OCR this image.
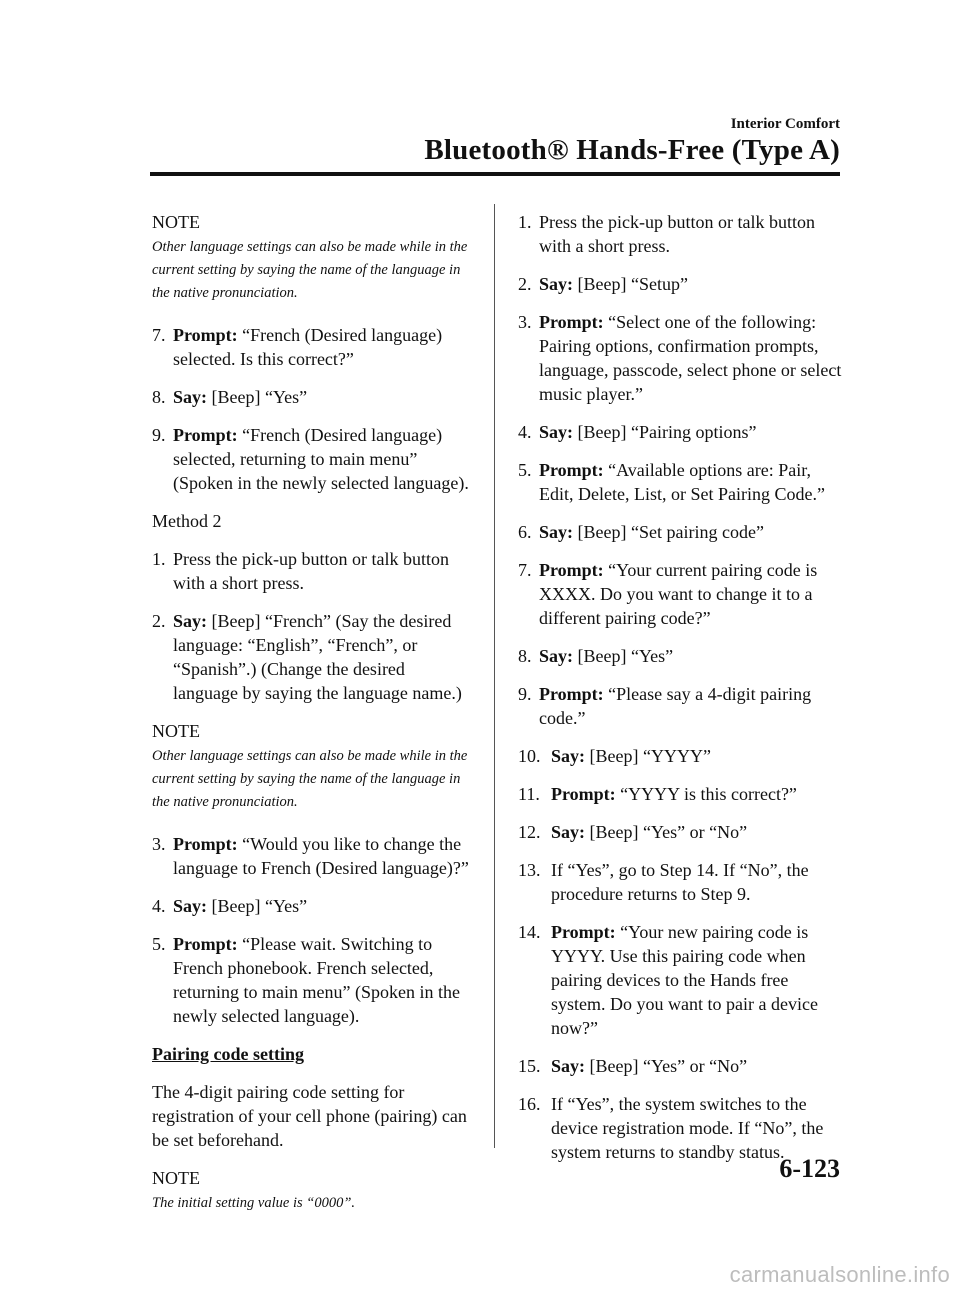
Interior Comfort
Bluetooth® Hands-Free (Type A)

NOTE

Other language settings can also be made while in the current setting by saying the name of the language in the native pronunciation.

7. Prompt: “French (Desired language) selected. Is this correct?”
8. Say: [Beep] “Yes”
9. Prompt: “French (Desired language) selected, returning to main menu” (Spoken in the newly selected language).

Method 2

1. Press the pick-up button or talk button with a short press.
2. Say: [Beep] “French” (Say the desired language: “English”, “French”, or “Spanish”.) (Change the desired language by saying the language name.)

NOTE

Other language settings can also be made while in the current setting by saying the name of the language in the native pronunciation.

3. Prompt: “Would you like to change the language to French (Desired language)?”
4. Say: [Beep] “Yes”
5. Prompt: “Please wait. Switching to French phonebook. French selected, returning to main menu” (Spoken in the newly selected language).

Pairing code setting

The 4-digit pairing code setting for registration of your cell phone (pairing) can be set beforehand.

NOTE

The initial setting value is “0000”.

1. Press the pick-up button or talk button with a short press.
2. Say: [Beep] “Setup”
3. Prompt: “Select one of the following: Pairing options, confirmation prompts, language, passcode, select phone or select music player.”
4. Say: [Beep] “Pairing options”
5. Prompt: “Available options are: Pair, Edit, Delete, List, or Set Pairing Code.”
6. Say: [Beep] “Set pairing code”
7. Prompt: “Your current pairing code is XXXX. Do you want to change it to a different pairing code?”
8. Say: [Beep] “Yes”
9. Prompt: “Please say a 4-digit pairing code.”
10. Say: [Beep] “YYYY”
11. Prompt: “YYYY is this correct?”
12. Say: [Beep] “Yes” or “No”
13. If “Yes”, go to Step 14. If “No”, the procedure returns to Step 9.
14. Prompt: “Your new pairing code is YYYY. Use this pairing code when pairing devices to the Hands free system. Do you want to pair a device now?”
15. Say: [Beep] “Yes” or “No”
16. If “Yes”, the system switches to the device registration mode. If “No”, the system returns to standby status.
6-123
carmanualsonline.info
